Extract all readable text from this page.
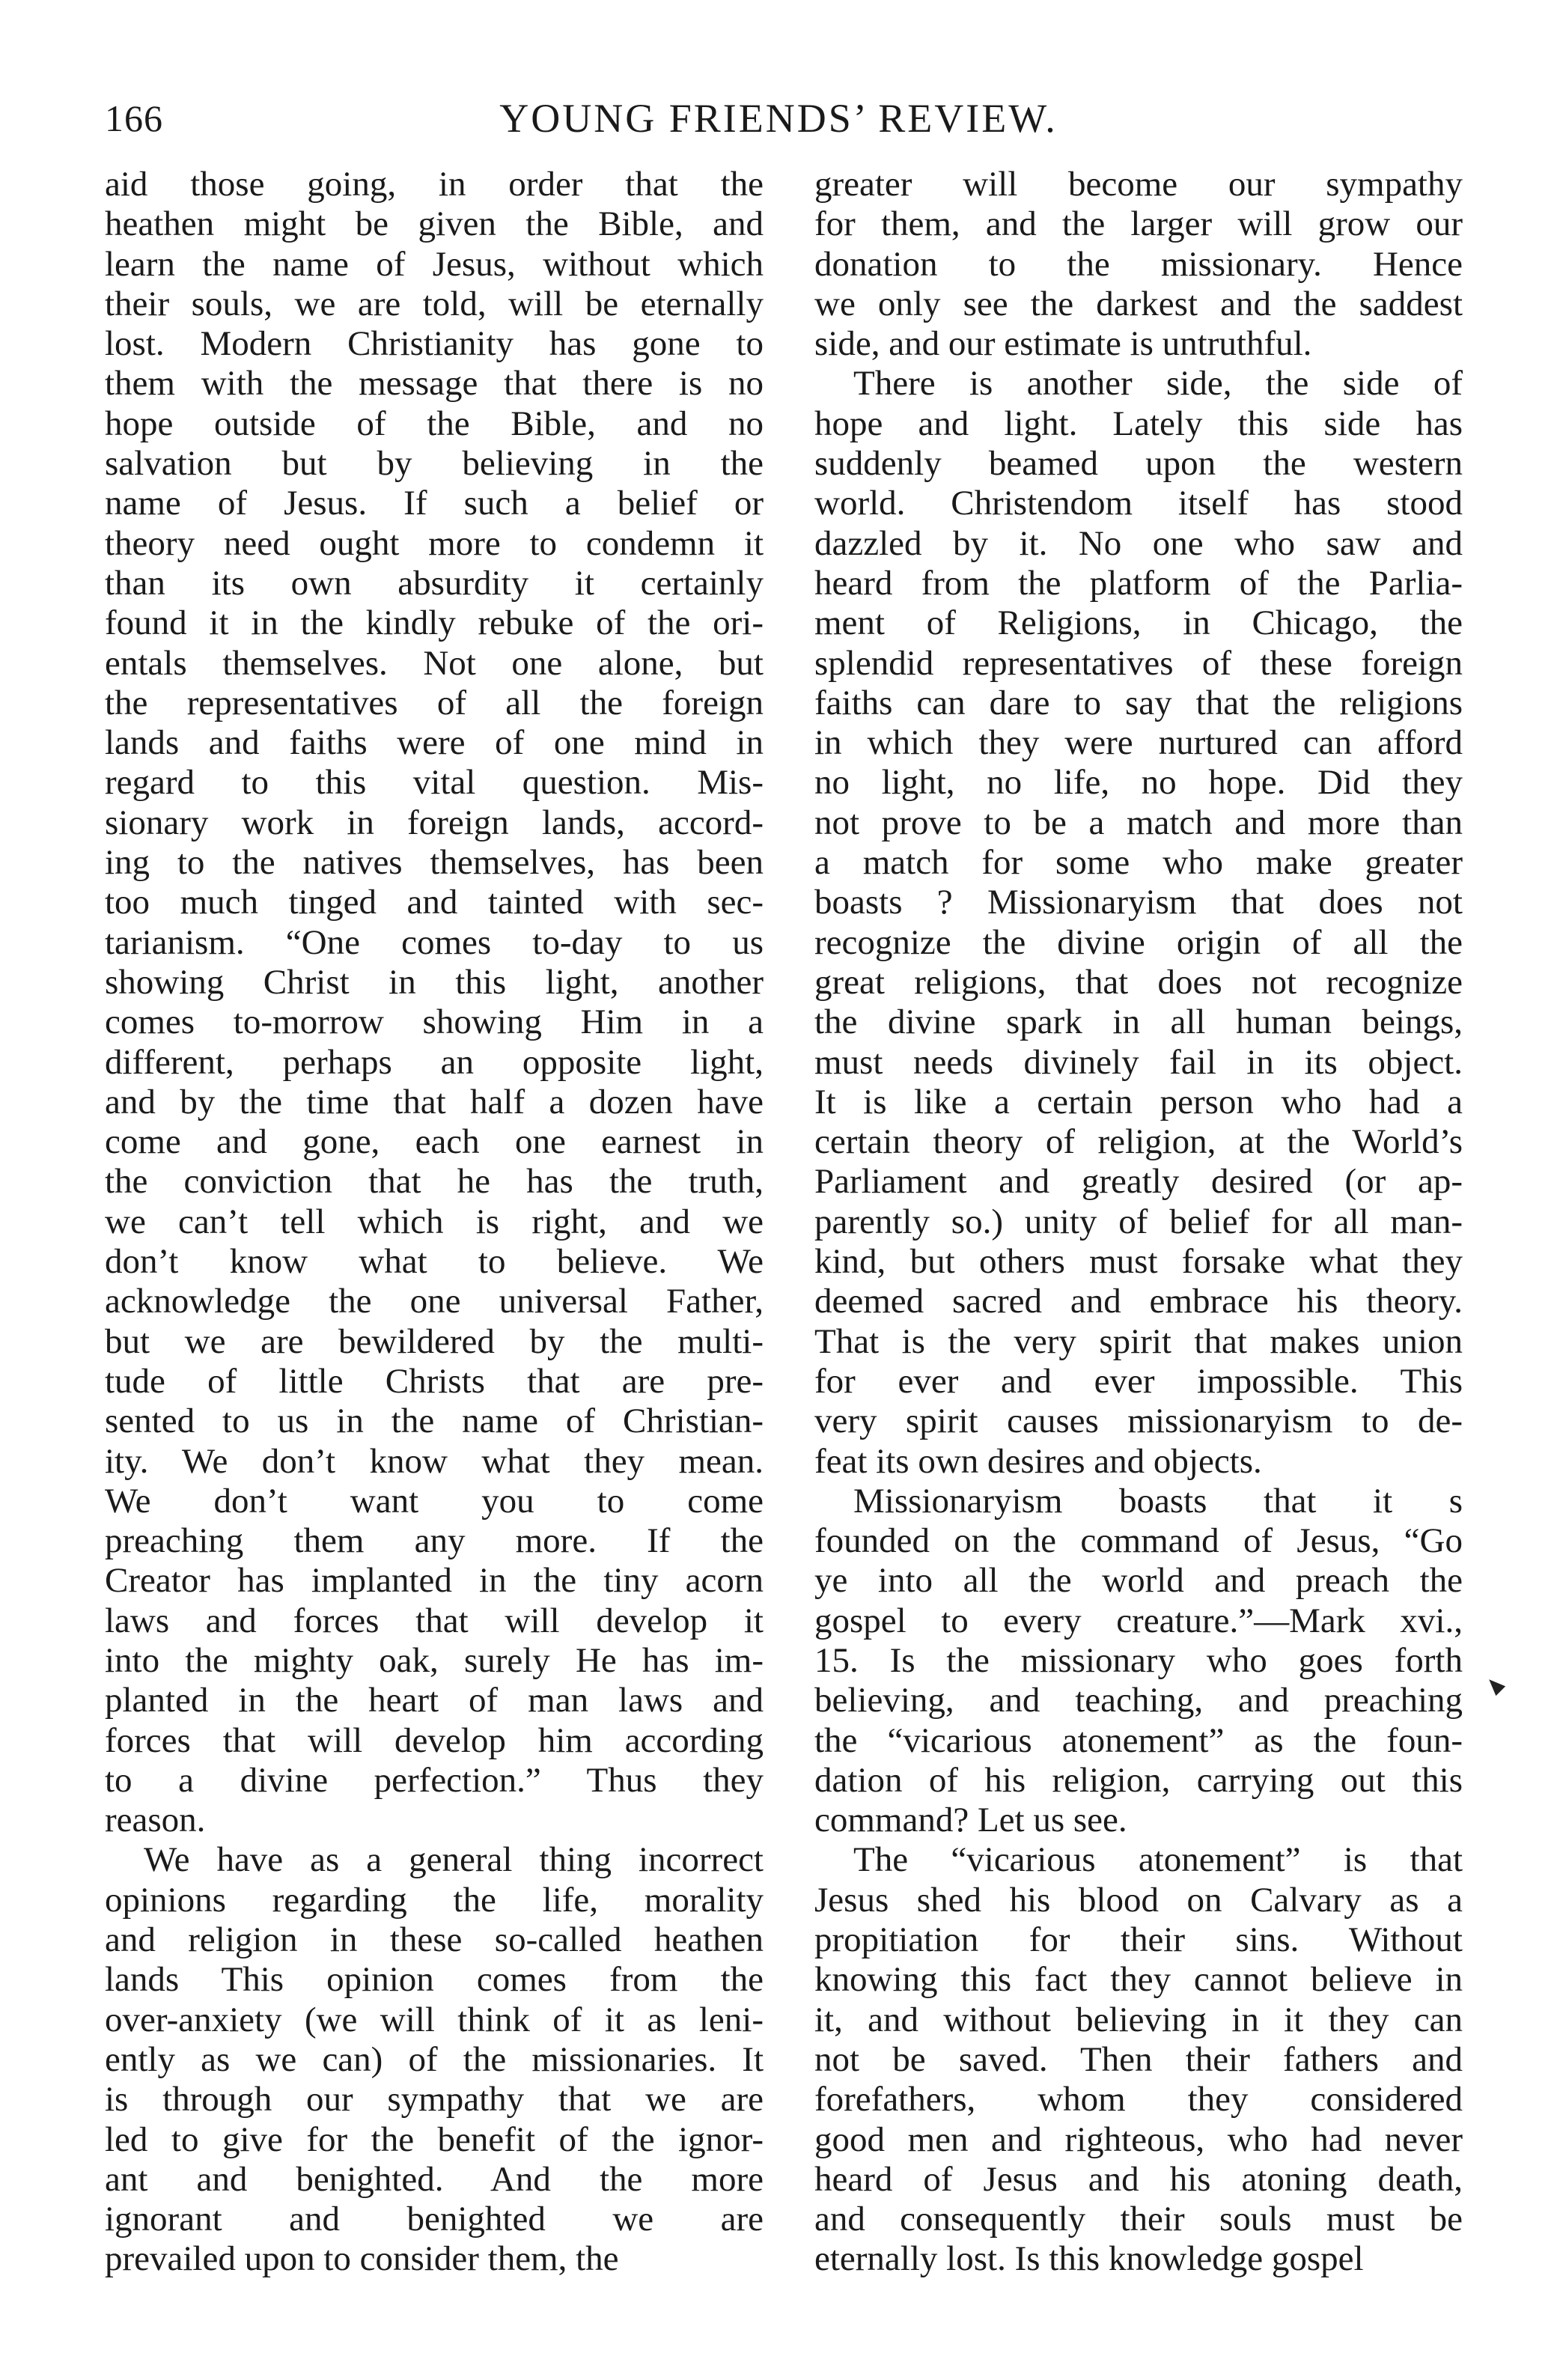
166	YOUNG FRIENDS’ REVIEW.
aid those going, in order that the
heathen might be given the Bible, and
learn the name of Jesus, without which
their souls, we are told, will be eternally
lost. Modern Christianity has gone to
them with the message that there is no
hope outside of the Bible, and no
salvation but by believing in the
name of Jesus. If such a belief or
theory need ought more to condemn it
than its own absurdity it certainly
found it in the kindly rebuke of the ori-
entals themselves. Not one alone, but
the representatives of all the foreign
lands and faiths were of one mind in
regard to this vital question. Mis-
sionary work in foreign lands, accord-
ing to the natives themselves, has been
too much tinged and tainted with sec-
tarianism. “One comes to-day to us
showing Christ in this light, another
comes to-morrow showing Him in a
different, perhaps an opposite light,
and by the time that half a dozen have
come and gone, each one earnest in
the conviction that he has the truth,
we can’t tell which is right, and we
don’t know what to believe. We
acknowledge the one universal Father,
but we are bewildered by the multi-
tude of little Christs that are pre-
sented to us in the name of Christian-
ity. We don’t know what they mean.
We don’t want you to come
preaching them any more. If the
Creator has implanted in the tiny acorn
laws and forces that will develop it
into the mighty oak, surely He has im-
planted in the heart of man laws and
forces that will develop him according
to a divine perfection.” Thus they
reason.
We have as a general thing incorrect
opinions regarding the life, morality
and religion in these so-called heathen
lands This opinion comes from the
over-anxiety (we will think of it as leni-
ently as we can) of the missionaries. It
is through our sympathy that we are
led to give for the benefit of the ignor-
ant and benighted. And the more
ignorant and benighted we are
prevailed upon to consider them, the
greater will become our sympathy
for them, and the larger will grow our
donation to the missionary. Hence
we only see the darkest and the saddest
side, and our estimate is untruthful.
There is another side, the side of
hope and light. Lately this side has
suddenly beamed upon the western
world. Christendom itself has stood
dazzled by it. No one who saw and
heard from the platform of the Parlia-
ment of Religions, in Chicago, the
splendid representatives of these foreign
faiths can dare to say that the religions
in which they were nurtured can afford
no light, no life, no hope. Did they
not prove to be a match and more than
a match for some who make greater
boasts ? Missionaryism that does not
recognize the divine origin of all the
great religions, that does not recognize
the divine spark in all human beings,
must needs divinely fail in its object.
It is like a certain person who had a
certain theory of religion, at the World’s
Parliament and greatly desired (or ap-
parently so.) unity of belief for all man-
kind, but others must forsake what they
deemed sacred and embrace his theory.
That is the very spirit that makes union
for ever and ever impossible. This
very spirit causes missionaryism to de-
feat its own desires and objects.
Missionaryism boasts that it s
founded on the command of Jesus, “Go
ye into all the world and preach the
gospel to every creature.”—Mark xvi.,
15. Is the missionary who goes forth
believing, and teaching, and preaching
the “vicarious atonement” as the foun-
dation of his religion, carrying out this
command? Let us see.
The “vicarious atonement” is that
Jesus shed his blood on Calvary as a
propitiation for their sins. Without
knowing this fact they cannot believe in
it, and without believing in it they can
not be saved. Then their fathers and
forefathers, whom they considered
good men and righteous, who had never
heard of Jesus and his atoning death,
and consequently their souls must be
eternally lost. Is this knowledge gospel
